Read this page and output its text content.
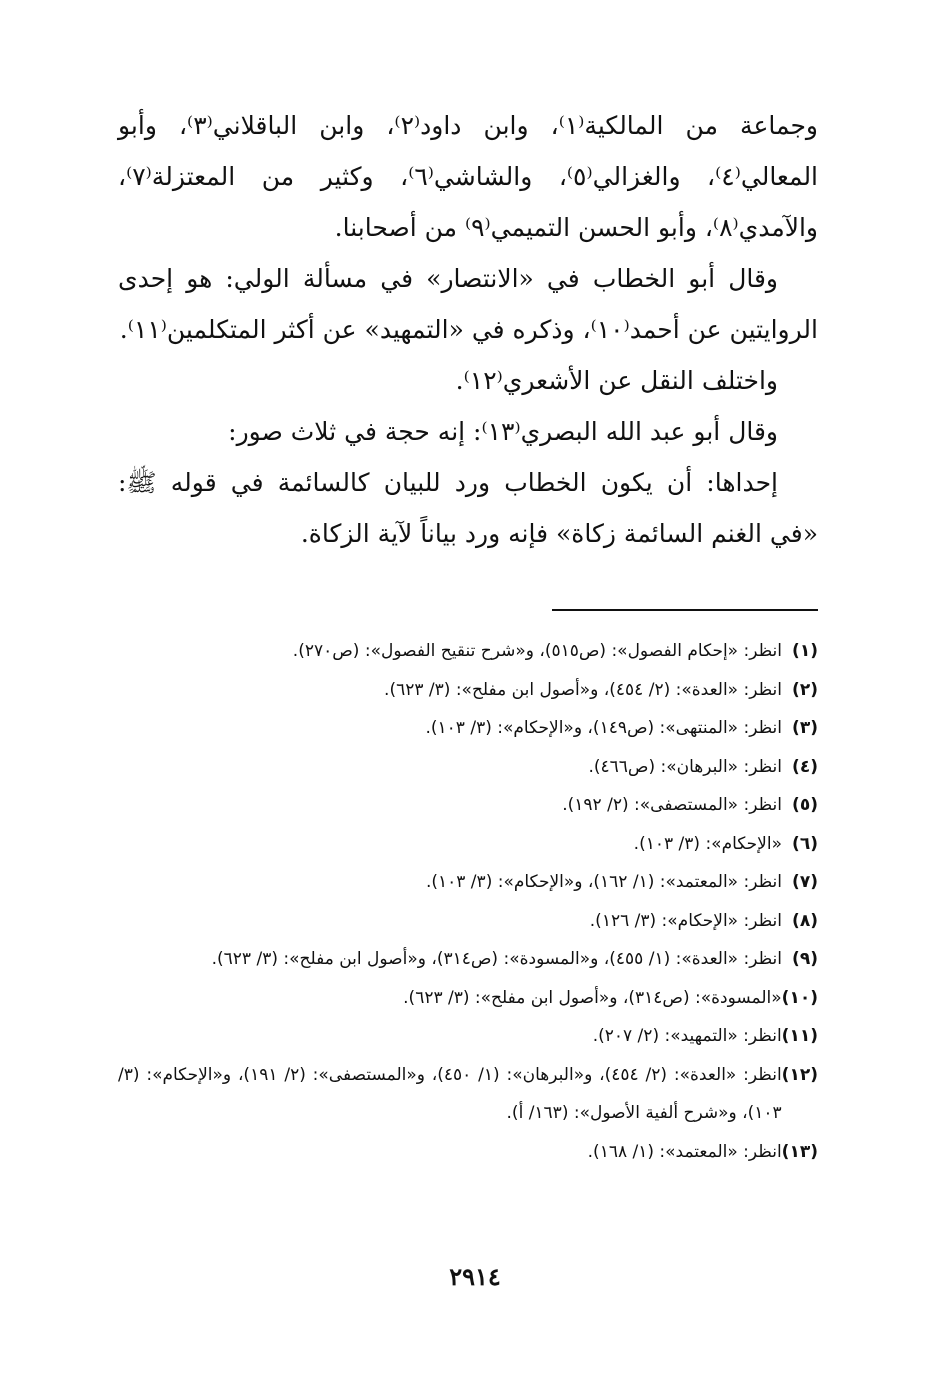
وجماعة من المالكية⁽١⁾، وابن داود⁽٢⁾، وابن الباقلاني⁽٣⁾، وأبو المعالي⁽٤⁾، والغزالي⁽٥⁾، والشاشي⁽٦⁾، وكثير من المعتزلة⁽٧⁾، والآمدي⁽٨⁾، وأبو الحسن التميمي⁽٩⁾ من أصحابنا.

وقال أبو الخطاب في «الانتصار» في مسألة الولي: هو إحدى الروايتين عن أحمد⁽١٠⁾، وذكره في «التمهيد» عن أكثر المتكلمين⁽١١⁾.

واختلف النقل عن الأشعري⁽١٢⁾.

وقال أبو عبد الله البصري⁽١٣⁾: إنه حجة في ثلاث صور:

إحداها: أن يكون الخطاب ورد للبيان كالسائمة في قوله ﷺ: «في الغنم السائمة زكاة» فإنه ورد بياناً لآية الزكاة.

(١)
انظر: «إحكام الفصول»: (ص٥١٥)، و«شرح تنقيح الفصول»: (ص٢٧٠).
(٢)
انظر: «العدة»: (٢/ ٤٥٤)، و«أصول ابن مفلح»: (٣/ ٦٢٣).
(٣)
انظر: «المنتهى»: (ص١٤٩)، و«الإحكام»: (٣/ ١٠٣).
(٤)
انظر: «البرهان»: (ص٤٦٦).
(٥)
انظر: «المستصفى»: (٢/ ١٩٢).
(٦)
«الإحكام»: (٣/ ١٠٣).
(٧)
انظر: «المعتمد»: (١/ ١٦٢)، و«الإحكام»: (٣/ ١٠٣).
(٨)
انظر: «الإحكام»: (٣/ ١٢٦).
(٩)
انظر: «العدة»: (١/ ٤٥٥)، و«المسودة»: (ص٣١٤)، و«أصول ابن مفلح»: (٣/ ٦٢٣).
(١٠)
«المسودة»: (ص٣١٤)، و«أصول ابن مفلح»: (٣/ ٦٢٣).
(١١)
انظر: «التمهيد»: (٢/ ٢٠٧).
(١٢)
انظر: «العدة»: (٢/ ٤٥٤)، و«البرهان»: (١/ ٤٥٠)، و«المستصفى»: (٢/ ١٩١)، و«الإحكام»: (٣/ ١٠٣)، و«شرح ألفية الأصول»: (١٦٣/ أ).
(١٣)
انظر: «المعتمد»: (١/ ١٦٨).
٢٩١٤
